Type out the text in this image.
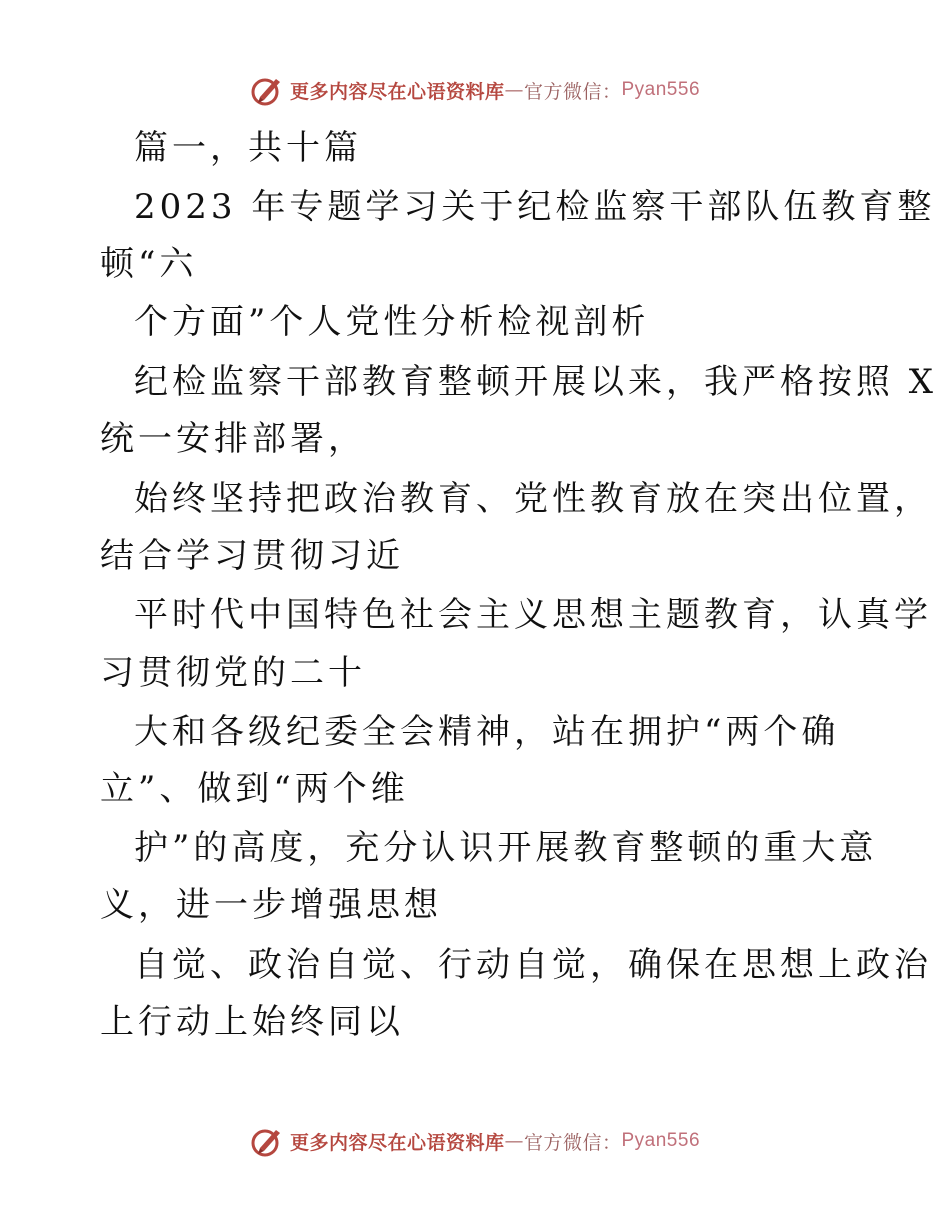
更多内容尽在心语资料库 — 官方微信： Pyan556
篇一，共十篇
2023 年专题学习关于纪检监察干部队伍教育整
顿“六
个方面”个人党性分析检视剖析
纪检监察干部教育整顿开展以来，我严格按照 X
统一安排部署，
始终坚持把政治教育、党性教育放在突出位置，
结合学习贯彻习近
平时代中国特色社会主义思想主题教育，认真学
习贯彻党的二十
大和各级纪委全会精神，站在拥护“两个确
立”、做到“两个维
护”的高度，充分认识开展教育整顿的重大意
义，进一步增强思想
自觉、政治自觉、行动自觉，确保在思想上政治
上行动上始终同以
更多内容尽在心语资料库 — 官方微信： Pyan556
